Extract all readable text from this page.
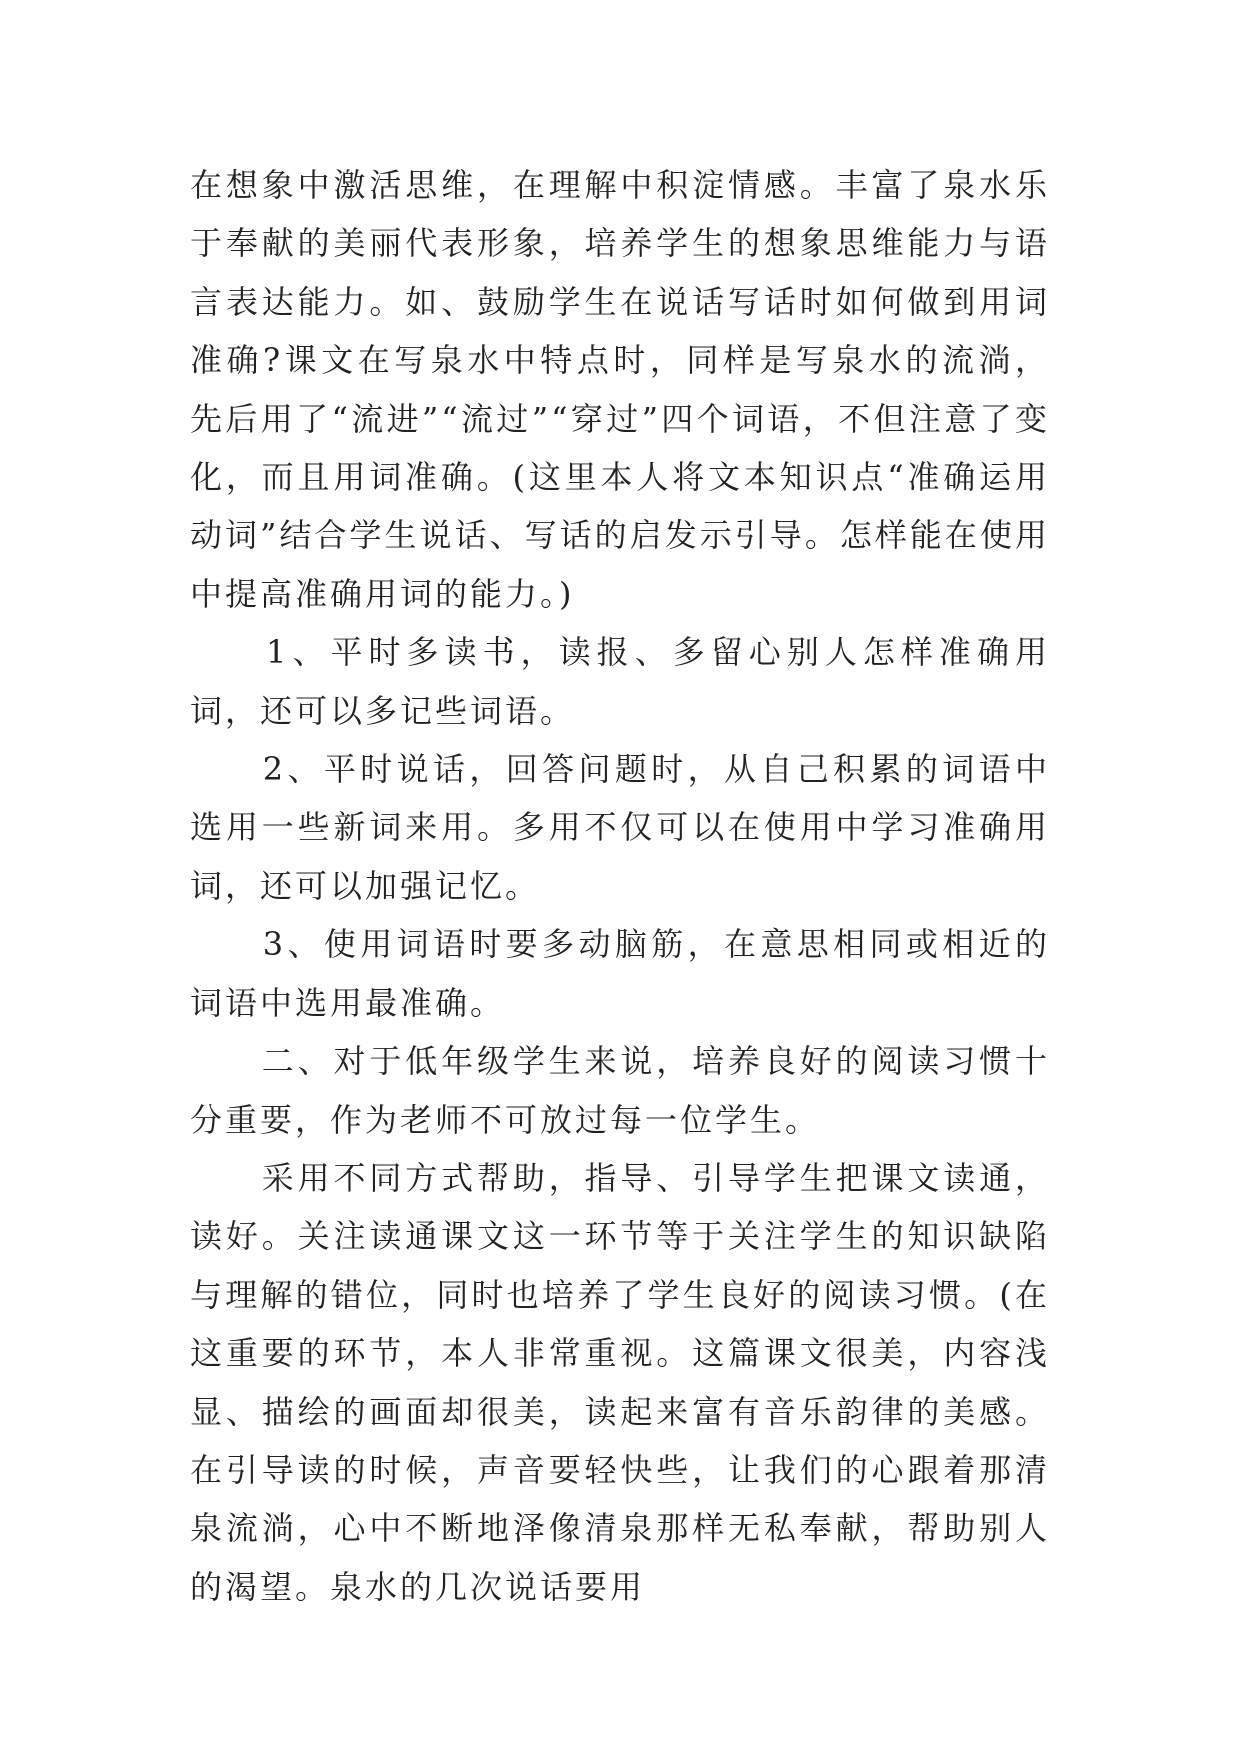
在想象中激活思维，在理解中积淀情感。丰富了泉水乐于奉献的美丽代表形象，培养学生的想象思维能力与语言表达能力。如、鼓励学生在说话写话时如何做到用词准确?课文在写泉水中特点时，同样是写泉水的流淌，先后用了“流进”“流过”“穿过”四个词语，不但注意了变化，而且用词准确。(这里本人将文本知识点“准确运用动词”结合学生说话、写话的启发示引导。怎样能在使用中提高准确用词的能力。)

　　1、平时多读书，读报、多留心别人怎样准确用词，还可以多记些词语。

　　2、平时说话，回答问题时，从自己积累的词语中选用一些新词来用。多用不仅可以在使用中学习准确用词，还可以加强记忆。

　　3、使用词语时要多动脑筋，在意思相同或相近的词语中选用最准确。

　　二、对于低年级学生来说，培养良好的阅读习惯十分重要，作为老师不可放过每一位学生。

　　采用不同方式帮助，指导、引导学生把课文读通，读好。关注读通课文这一环节等于关注学生的知识缺陷与理解的错位，同时也培养了学生良好的阅读习惯。(在这重要的环节，本人非常重视。这篇课文很美，内容浅显、描绘的画面却很美，读起来富有音乐韵律的美感。在引导读的时候，声音要轻快些，让我们的心跟着那清泉流淌，心中不断地泽像清泉那样无私奉献，帮助别人的渴望。泉水的几次说话要用
